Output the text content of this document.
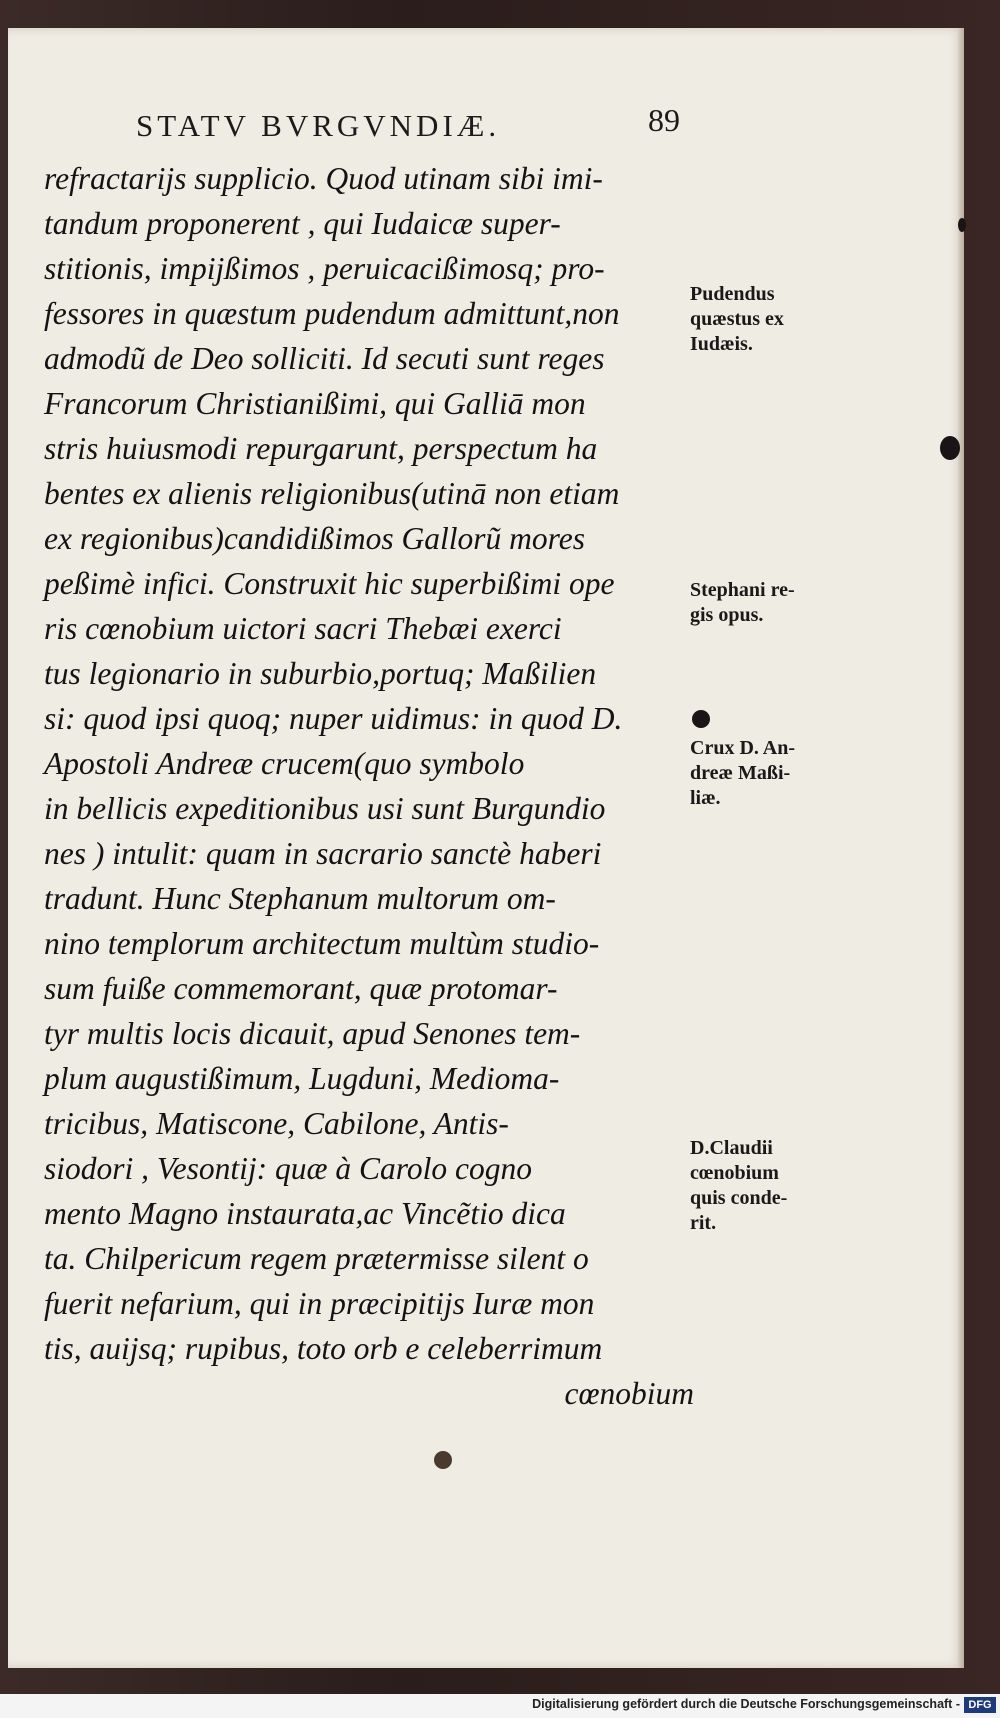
STATV BVRGVNDIÆ.	89
refractarijs supplicio. Quod utinam sibi imi-
tandum proponerent , qui Iudaicæ super-
stitionis, impijßimos , peruicacißimosq; pro-
fessores in quæstum pudendum admittunt,non
admodũ de Deo solliciti. Id secuti sunt reges
Francorum Christianißimi, qui Galliā mon
stris huiusmodi repurgarunt, perspectum ha
bentes ex alienis religionibus(utinā non etiam
ex regionibus)candidißimos Gallorũ mores
peßimè infici. Construxit hic superbißimi ope
ris cœnobium uictori sacri Thebæi exerci
tus legionario in suburbio,portuq; Maßilien
si: quod ipsi quoq; nuper uidimus: in quod D.
Apostoli Andreæ crucem(quo symbolo
in bellicis expeditionibus usi sunt Burgundio
nes ) intulit: quam in sacrario sanctè haberi
tradunt. Hunc Stephanum multorum om-
nino templorum architectum multùm studio-
sum fuiße commemorant, quæ protomar-
tyr multis locis dicauit, apud Senones tem-
plum augustißimum, Lugduni, Medioma-
tricibus, Matiscone, Cabilone, Antis-
siodori , Vesontij: quæ à Carolo cogno
mento Magno instaurata,ac Vincẽtio dica
ta. Chilpericum regem prætermisse silent o
fuerit nefarium, qui in præcipitijs Iuræ mon
tis, auijsq; rupibus, toto orb e celeberrimum
cœnobium
Pudendus
quæstus ex
Iudæis.
Stephani re-
gis opus.
Crux D. An-
dreæ Maßi-
liæ.
D.Claudii
cœnobium
quis conde-
rit.
Digitalisierung gefördert durch die Deutsche Forschungsgemeinschaft - DFG
